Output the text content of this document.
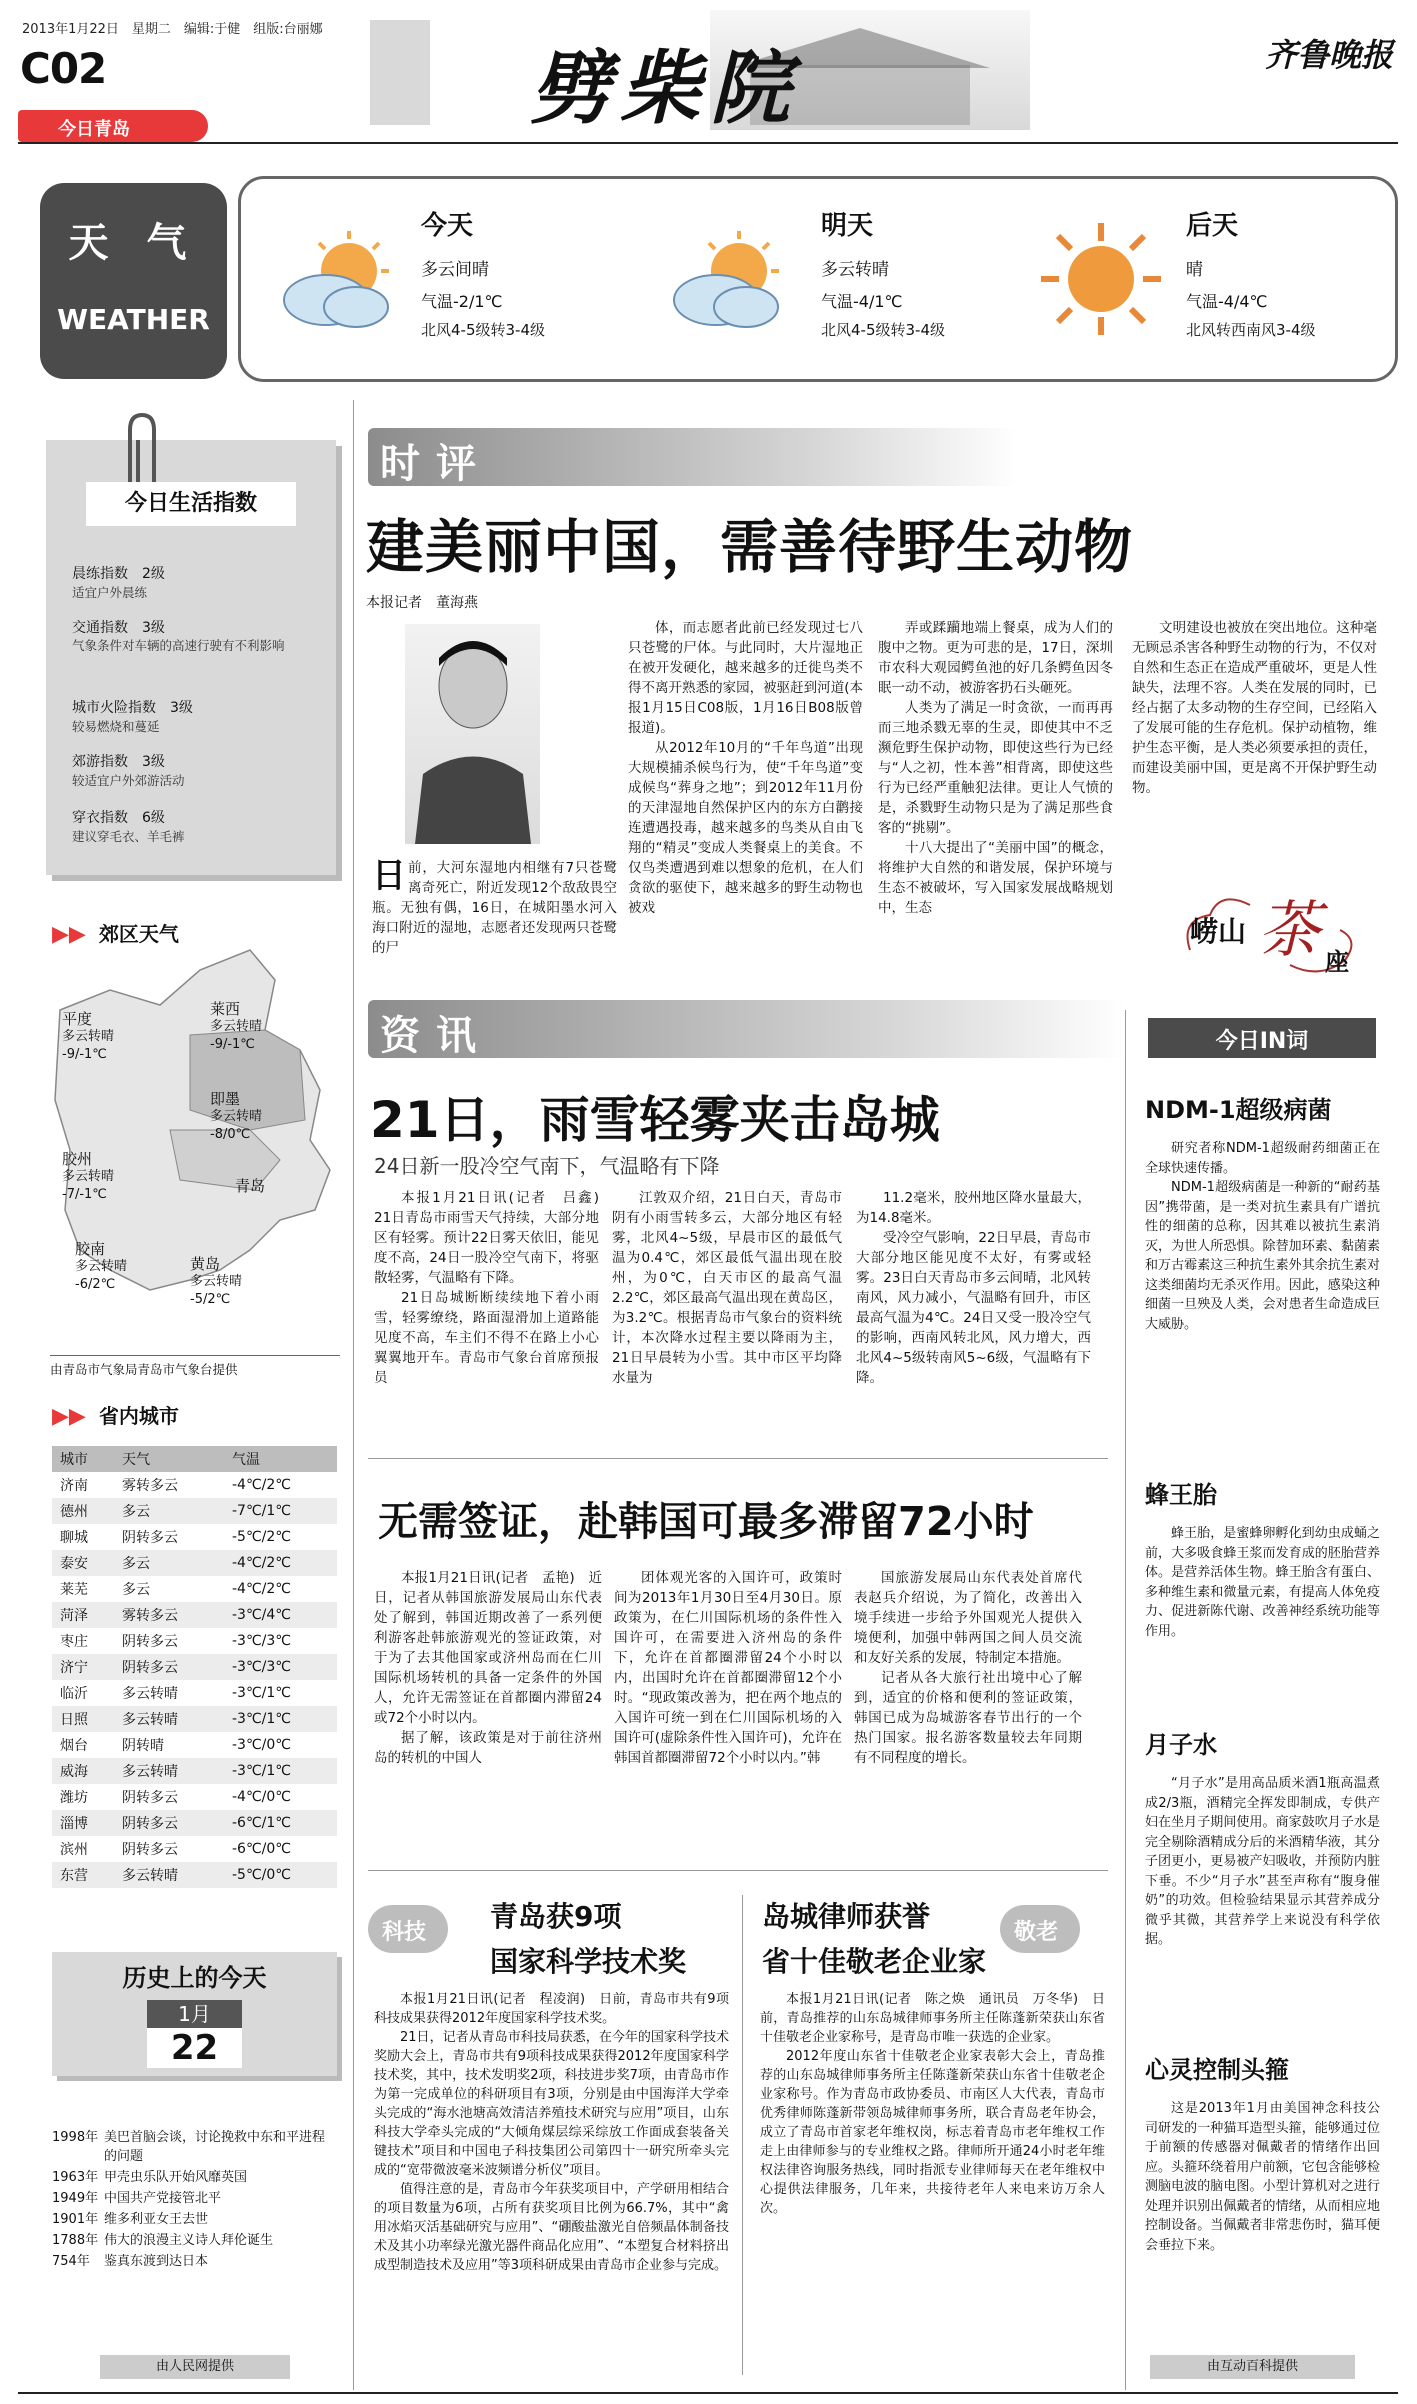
2013年1月22日　星期二　编辑:于健　组版:台丽娜
C02
今日青岛	劈柴院	齐鲁晚报
天 气
WEATHER
今天
多云间晴
气温-2/1℃
北风4-5级转3-4级
明天
多云转晴
气温-4/1℃
北风4-5级转3-4级
后天
晴
气温-4/4℃
北风转西南风3-4级
今日生活指数
晨练指数　2级
适宜户外晨练
交通指数　3级
气象条件对车辆的高速行驶有不利影响
城市火险指数　3级
较易燃烧和蔓延
郊游指数　3级
较适宜户外郊游活动
穿衣指数　6级
建议穿毛衣、羊毛裤
▶▶ 郊区天气
平度
多云转晴
-9/-1℃
莱西
多云转晴
-9/-1℃
即墨
多云转晴
-8/0℃
胶州
多云转晴
-7/-1℃	青岛
胶南
多云转晴
-6/2℃
黄岛
多云转晴
-5/2℃
由青岛市气象局青岛市气象台提供
▶▶ 省内城市
城市	天气	气温
济南	雾转多云	-4℃/2℃
德州	多云	-7℃/1℃
聊城	阴转多云	-5℃/2℃
泰安	多云	-4℃/2℃
莱芜	多云	-4℃/2℃
菏泽	雾转多云	-3℃/4℃
枣庄	阴转多云	-3℃/3℃
济宁	阴转多云	-3℃/3℃
临沂	多云转晴	-3℃/1℃
日照	多云转晴	-3℃/1℃
烟台	阴转晴	-3℃/0℃
威海	多云转晴	-3℃/1℃
潍坊	阴转多云	-4℃/0℃
淄博	阴转多云	-6℃/1℃
滨州	阴转多云	-6℃/0℃
东营	多云转晴	-5℃/0℃
历史上的今天
1月
22
1998年 美巴首脑会谈，讨论挽救中东和平进程的问题
1963年 甲壳虫乐队开始风靡英国
1949年 中国共产党接管北平
1901年 维多利亚女王去世
1788年 伟大的浪漫主义诗人拜伦诞生
754年	鉴真东渡到达日本
由人民网提供
时评
建美丽中国，需善待野生动物
本报记者　董海燕
日前，大河东湿地内相继有7只苍鹭离奇死亡，附近发现12个敌敌畏空瓶。无独有偶，16日，在城阳墨水河入海口附近的湿地，志愿者还发现两只苍鹭的尸

体，而志愿者此前已经发现过七八只苍鹭的尸体。与此同时，大片湿地正在被开发硬化，越来越多的迁徙鸟类不得不离开熟悉的家园，被驱赶到河道(本报1月15日C08版，1月16日B08版曾报道)。

从2012年10月的“千年鸟道”出现大规模捕杀候鸟行为，使“千年鸟道”变成候鸟“葬身之地”；到2012年11月份的天津湿地自然保护区内的东方白鹳接连遭遇投毒，越来越多的鸟类从自由飞翔的“精灵”变成人类餐桌上的美食。不仅鸟类遭遇到难以想象的危机，在人们贪欲的驱使下，越来越多的野生动物也被戏

弄或蹂躏地端上餐桌，成为人们的腹中之物。更为可悲的是，17日，深圳市农科大观园鳄鱼池的好几条鳄鱼因冬眠一动不动，被游客扔石头砸死。

人类为了满足一时贪欲，一而再再而三地杀戮无辜的生灵，即使其中不乏濒危野生保护动物，即使这些行为已经与“人之初，性本善”相背离，即使这些行为已经严重触犯法律。更让人气愤的是，杀戮野生动物只是为了满足那些食客的“挑剔”。

十八大提出了“美丽中国”的概念，将维护大自然的和谐发展，保护环境与生态不被破坏，写入国家发展战略规划中，生态

文明建设也被放在突出地位。这种毫无顾忌杀害各种野生动物的行为，不仅对自然和生态正在造成严重破坏，更是人性缺失，法理不容。人类在发展的同时，已经占据了太多动物的生存空间，已经陷入了发展可能的生存危机。保护动植物，维护生态平衡，是人类必须要承担的责任，而建设美丽中国，更是离不开保护野生动物。

崂山 茶 座
资讯
21日，雨雪轻雾夹击岛城
24日新一股冷空气南下，气温略有下降

本报1月21日讯(记者　吕鑫)　21日青岛市雨雪天气持续，大部分地区有轻雾。预计22日雾天依旧，能见度不高，24日一股冷空气南下，将驱散轻雾，气温略有下降。

21日岛城断断续续地下着小雨雪，轻雾缭绕，路面湿滑加上道路能见度不高，车主们不得不在路上小心翼翼地开车。青岛市气象台首席预报员

江敦双介绍，21日白天，青岛市阴有小雨雪转多云，大部分地区有轻雾，北风4~5级，早晨市区的最低气温为0.4℃，郊区最低气温出现在胶州，为0℃，白天市区的最高气温2.2℃，郊区最高气温出现在黄岛区，为3.2℃。根据青岛市气象台的资料统计，本次降水过程主要以降雨为主，21日早晨转为小雪。其中市区平均降水量为

11.2毫米，胶州地区降水量最大，为14.8毫米。

受冷空气影响，22日早晨，青岛市大部分地区能见度不太好，有雾或轻雾。23日白天青岛市多云间晴，北风转南风，风力减小，气温略有回升，市区最高气温为4℃。24日又受一股冷空气的影响，西南风转北风，风力增大，西北风4~5级转南风5~6级，气温略有下降。

无需签证，赴韩国可最多滞留72小时

本报1月21日讯(记者　孟艳)　近日，记者从韩国旅游发展局山东代表处了解到，韩国近期改善了一系列便利游客赴韩旅游观光的签证政策，对于为了去其他国家或济州岛而在仁川国际机场转机的具备一定条件的外国人，允许无需签证在首都圈内滞留24或72个小时以内。

据了解，该政策是对于前往济州岛的转机的中国人

团体观光客的入国许可，政策时间为2013年1月30日至4月30日。原政策为，在仁川国际机场的条件性入国许可，在需要进入济州岛的条件下，允许在首都圈滞留24个小时以内，出国时允许在首都圈滞留12个小时。“现政策改善为，把在两个地点的入国许可统一到在仁川国际机场的入国许可(虚除条件性入国许可)，允许在韩国首都圈滞留72个小时以内。”韩

国旅游发展局山东代表处首席代表赵兵介绍说，为了简化，改善出入境手续进一步给予外国观光人提供入境便利，加强中韩两国之间人员交流和友好关系的发展，特制定本措施。

记者从各大旅行社出境中心了解到，适宜的价格和便利的签证政策，韩国已成为岛城游客春节出行的一个热门国家。报名游客数量较去年同期有不同程度的增长。

科技 青岛获9项
国家科学技术奖

本报1月21日讯(记者　程凌润)　日前，青岛市共有9项科技成果获得2012年度国家科学技术奖。

21日，记者从青岛市科技局获悉，在今年的国家科学技术奖励大会上，青岛市共有9项科技成果获得2012年度国家科学技术奖，其中，技术发明奖2项，科技进步奖7项，由青岛市作为第一完成单位的科研项目有3项，分别是由中国海洋大学牵头完成的“海水池塘高效清洁养殖技术研究与应用”项目，山东科技大学牵头完成的“大倾角煤层综采综放工作面成套装备关键技术”项目和中国电子科技集团公司第四十一研究所牵头完成的“宽带微波毫米波频谱分析仪”项目。

值得注意的是，青岛市今年获奖项目中，产学研用相结合的项目数量为6项，占所有获奖项目比例为66.7%，其中“禽用冰焰灭活基础研究与应用”、“硼酸盐激光自倍频晶体制备技术及其小功率绿光激光器件商品化应用”、“本塑复合材料挤出成型制造技术及应用”等3项科研成果由青岛市企业参与完成。

岛城律师获誉
省十佳敬老企业家
敬老

本报1月21日讯(记者　陈之焕　通讯员　万冬华)　日前，青岛推荐的山东岛城律师事务所主任陈蓬新荣获山东省十佳敬老企业家称号，是青岛市唯一获选的企业家。

2012年度山东省十佳敬老企业家表彰大会上，青岛推荐的山东岛城律师事务所主任陈蓬新荣获山东省十佳敬老企业家称号。作为青岛市政协委员、市南区人大代表，青岛市优秀律师陈蓬新带领岛城律师事务所，联合青岛老年协会，成立了青岛市首家老年维权岗，标志着青岛市老年维权工作走上由律师参与的专业维权之路。律师所开通24小时老年维权法律咨询服务热线，同时指派专业律师每天在老年维权中心提供法律服务，几年来，共接待老年人来电来访万余人次。

今日IN词
NDM-1超级病菌

研究者称NDM-1超级耐药细菌正在全球快速传播。

NDM-1超级病菌是一种新的“耐药基因”携带菌，是一类对抗生素具有广谱抗性的细菌的总称，因其难以被抗生素消灭，为世人所恐惧。除替加环素、黏菌素和万古霉素这三种抗生素外其余抗生素对这类细菌均无杀灭作用。因此，感染这种细菌一旦殃及人类，会对患者生命造成巨大威胁。

蜂王胎

蜂王胎，是蜜蜂卵孵化到幼虫成蛹之前，大多吸食蜂王浆而发育成的胚胎营养体。是营养活体生物。蜂王胎含有蛋白、多种维生素和微量元素，有提高人体免疫力、促进新陈代谢、改善神经系统功能等作用。

月子水

“月子水”是用高品质米酒1瓶高温煮成2/3瓶，酒精完全挥发即制成，专供产妇在坐月子期间使用。商家鼓吹月子水是完全剔除酒精成分后的米酒精华液，其分子团更小，更易被产妇吸收，并预防内脏下垂。不少“月子水”甚至声称有“腹身催奶”的功效。但检验结果显示其营养成分微乎其微，其营养学上来说没有科学依据。

心灵控制头箍

这是2013年1月由美国神念科技公司研发的一种猫耳造型头箍，能够通过位于前额的传感器对佩戴者的情绪作出回应。头箍环绕着用户前额，它包含能够检测脑电波的脑电图。小型计算机对之进行处理并识别出佩戴者的情绪，从而相应地控制设备。当佩戴者非常悲伤时，猫耳便会垂拉下来。

由互动百科提供
